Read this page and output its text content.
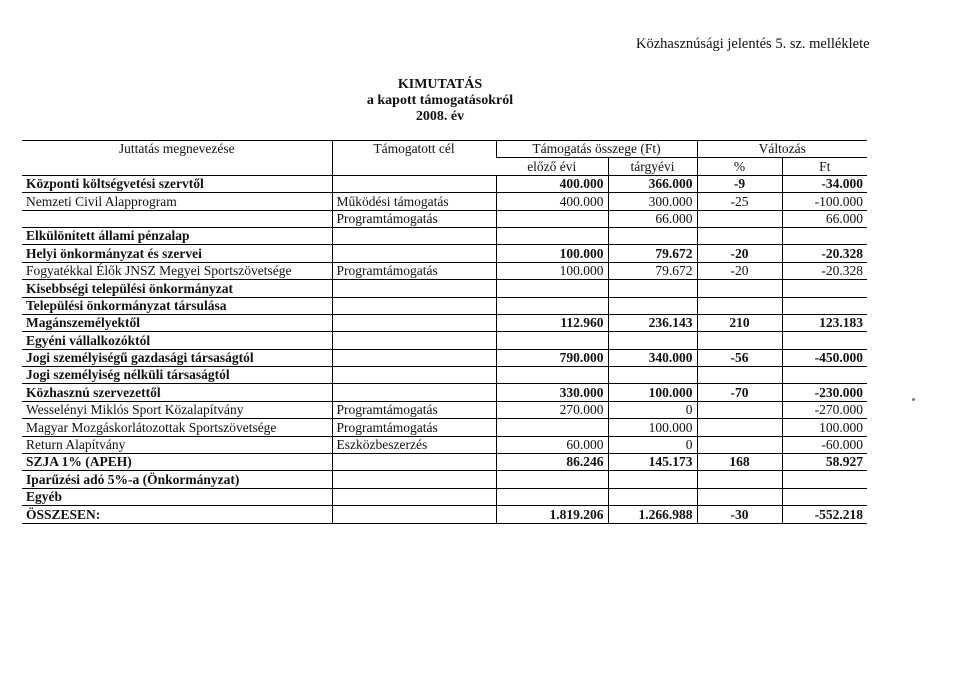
Közhasznúsági jelentés 5. sz. melléklete
KIMUTATÁS
a kapott támogatásokról
2008. év
Juttatás megnevezése	Támogatott cél	Támogatás összege (Ft)		Változás	
		előző évi	tárgyévi	%	Ft
Központi költségvetési szervtől		400.000	366.000	-9	-34.000
Nemzeti Civil Alapprogram	Működési támogatás	400.000	300.000	-25	-100.000
	Programtámogatás		66.000		66.000
Elkülönített állami pénzalap					
Helyi önkormányzat és szervei		100.000	79.672	-20	-20.328
Fogyatékkal Élők JNSZ Megyei Sportszövetsége	Programtámogatás	100.000	79.672	-20	-20.328
Kisebbségi települési önkormányzat					
Települési önkormányzat társulása					
Magánszemélyektől		112.960	236.143	210	123.183
Egyéni vállalkozóktól					
Jogi személyiségű gazdasági társaságtól		790.000	340.000	-56	-450.000
Jogi személyiség nélküli társaságtól					
Közhasznú szervezettől		330.000	100.000	-70	-230.000
Wesselényi Miklós Sport Közalapítvány	Programtámogatás	270.000	0		-270.000
Magyar Mozgáskorlátozottak Sportszövetsége	Programtámogatás		100.000		100.000
Return Alapítvány	Eszközbeszerzés	60.000	0		-60.000
SZJA 1% (APEH)		86.246	145.173	168	58.927
Iparűzési adó 5%-a (Önkormányzat)					
Egyéb					
ÖSSZESEN:		1.819.206	1.266.988	-30	-552.218
